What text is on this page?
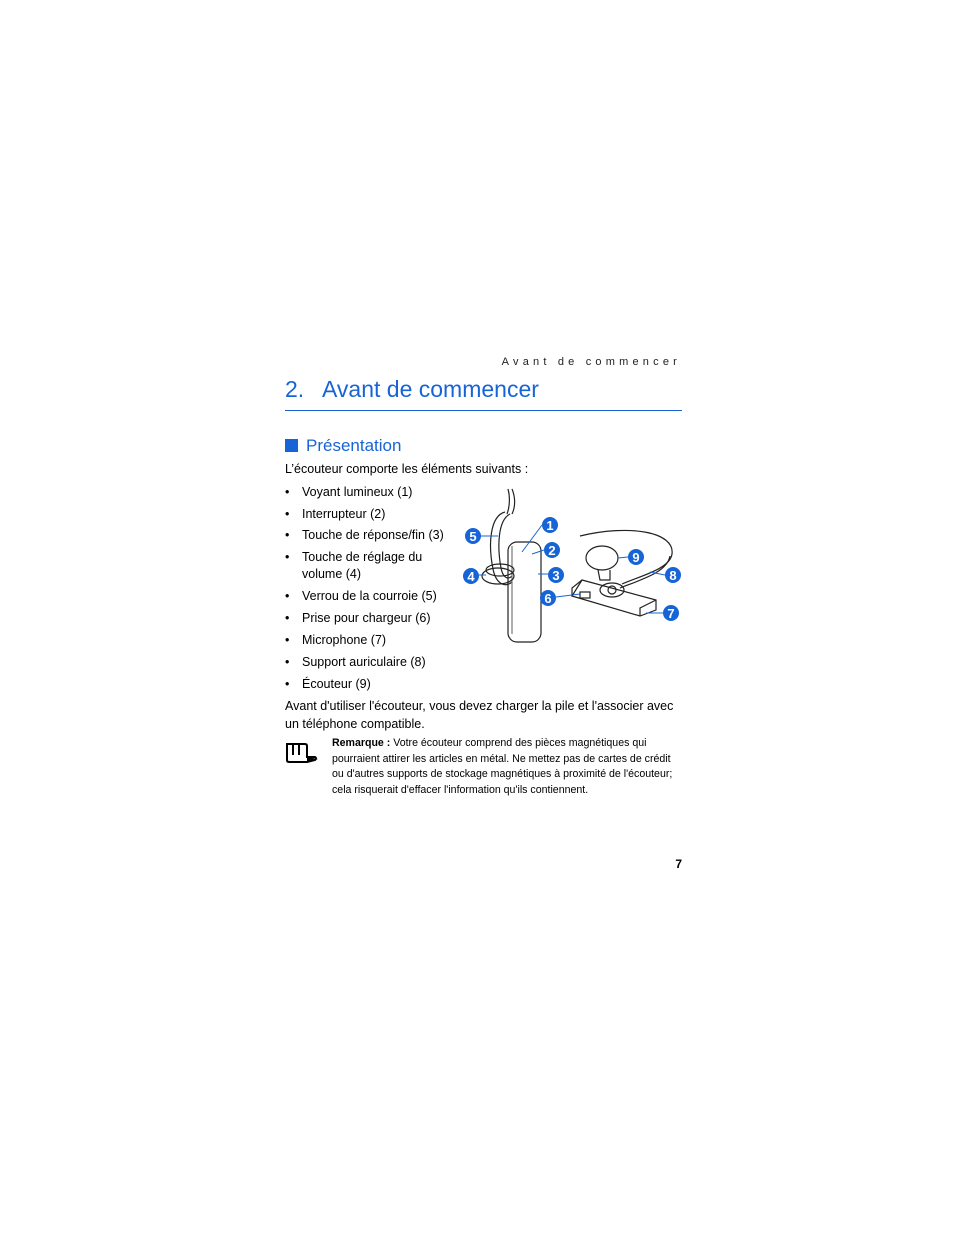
Avant de commencer
2. Avant de commencer
Présentation
L’écouteur comporte les éléments suivants :
• Voyant lumineux (1)
• Interrupteur (2)
• Touche de réponse/fin (3)
• Touche de réglage du
volume (4)
• Verrou de la courroie (5)
• Prise pour chargeur (6)
• Microphone (7)
• Support auriculaire (8)
• Écouteur (9)
5
1
2
3
4
6
7
8
9
Avant d'utiliser l'écouteur, vous devez charger la pile et l'associer avec un téléphone compatible.
Remarque : Votre écouteur comprend des pièces magnétiques qui pourraient attirer les articles en métal. Ne mettez pas de cartes de crédit ou d'autres supports de stockage magnétiques à proximité de l'écouteur; cela risquerait d'effacer l'information qu'ils contiennent.
7
